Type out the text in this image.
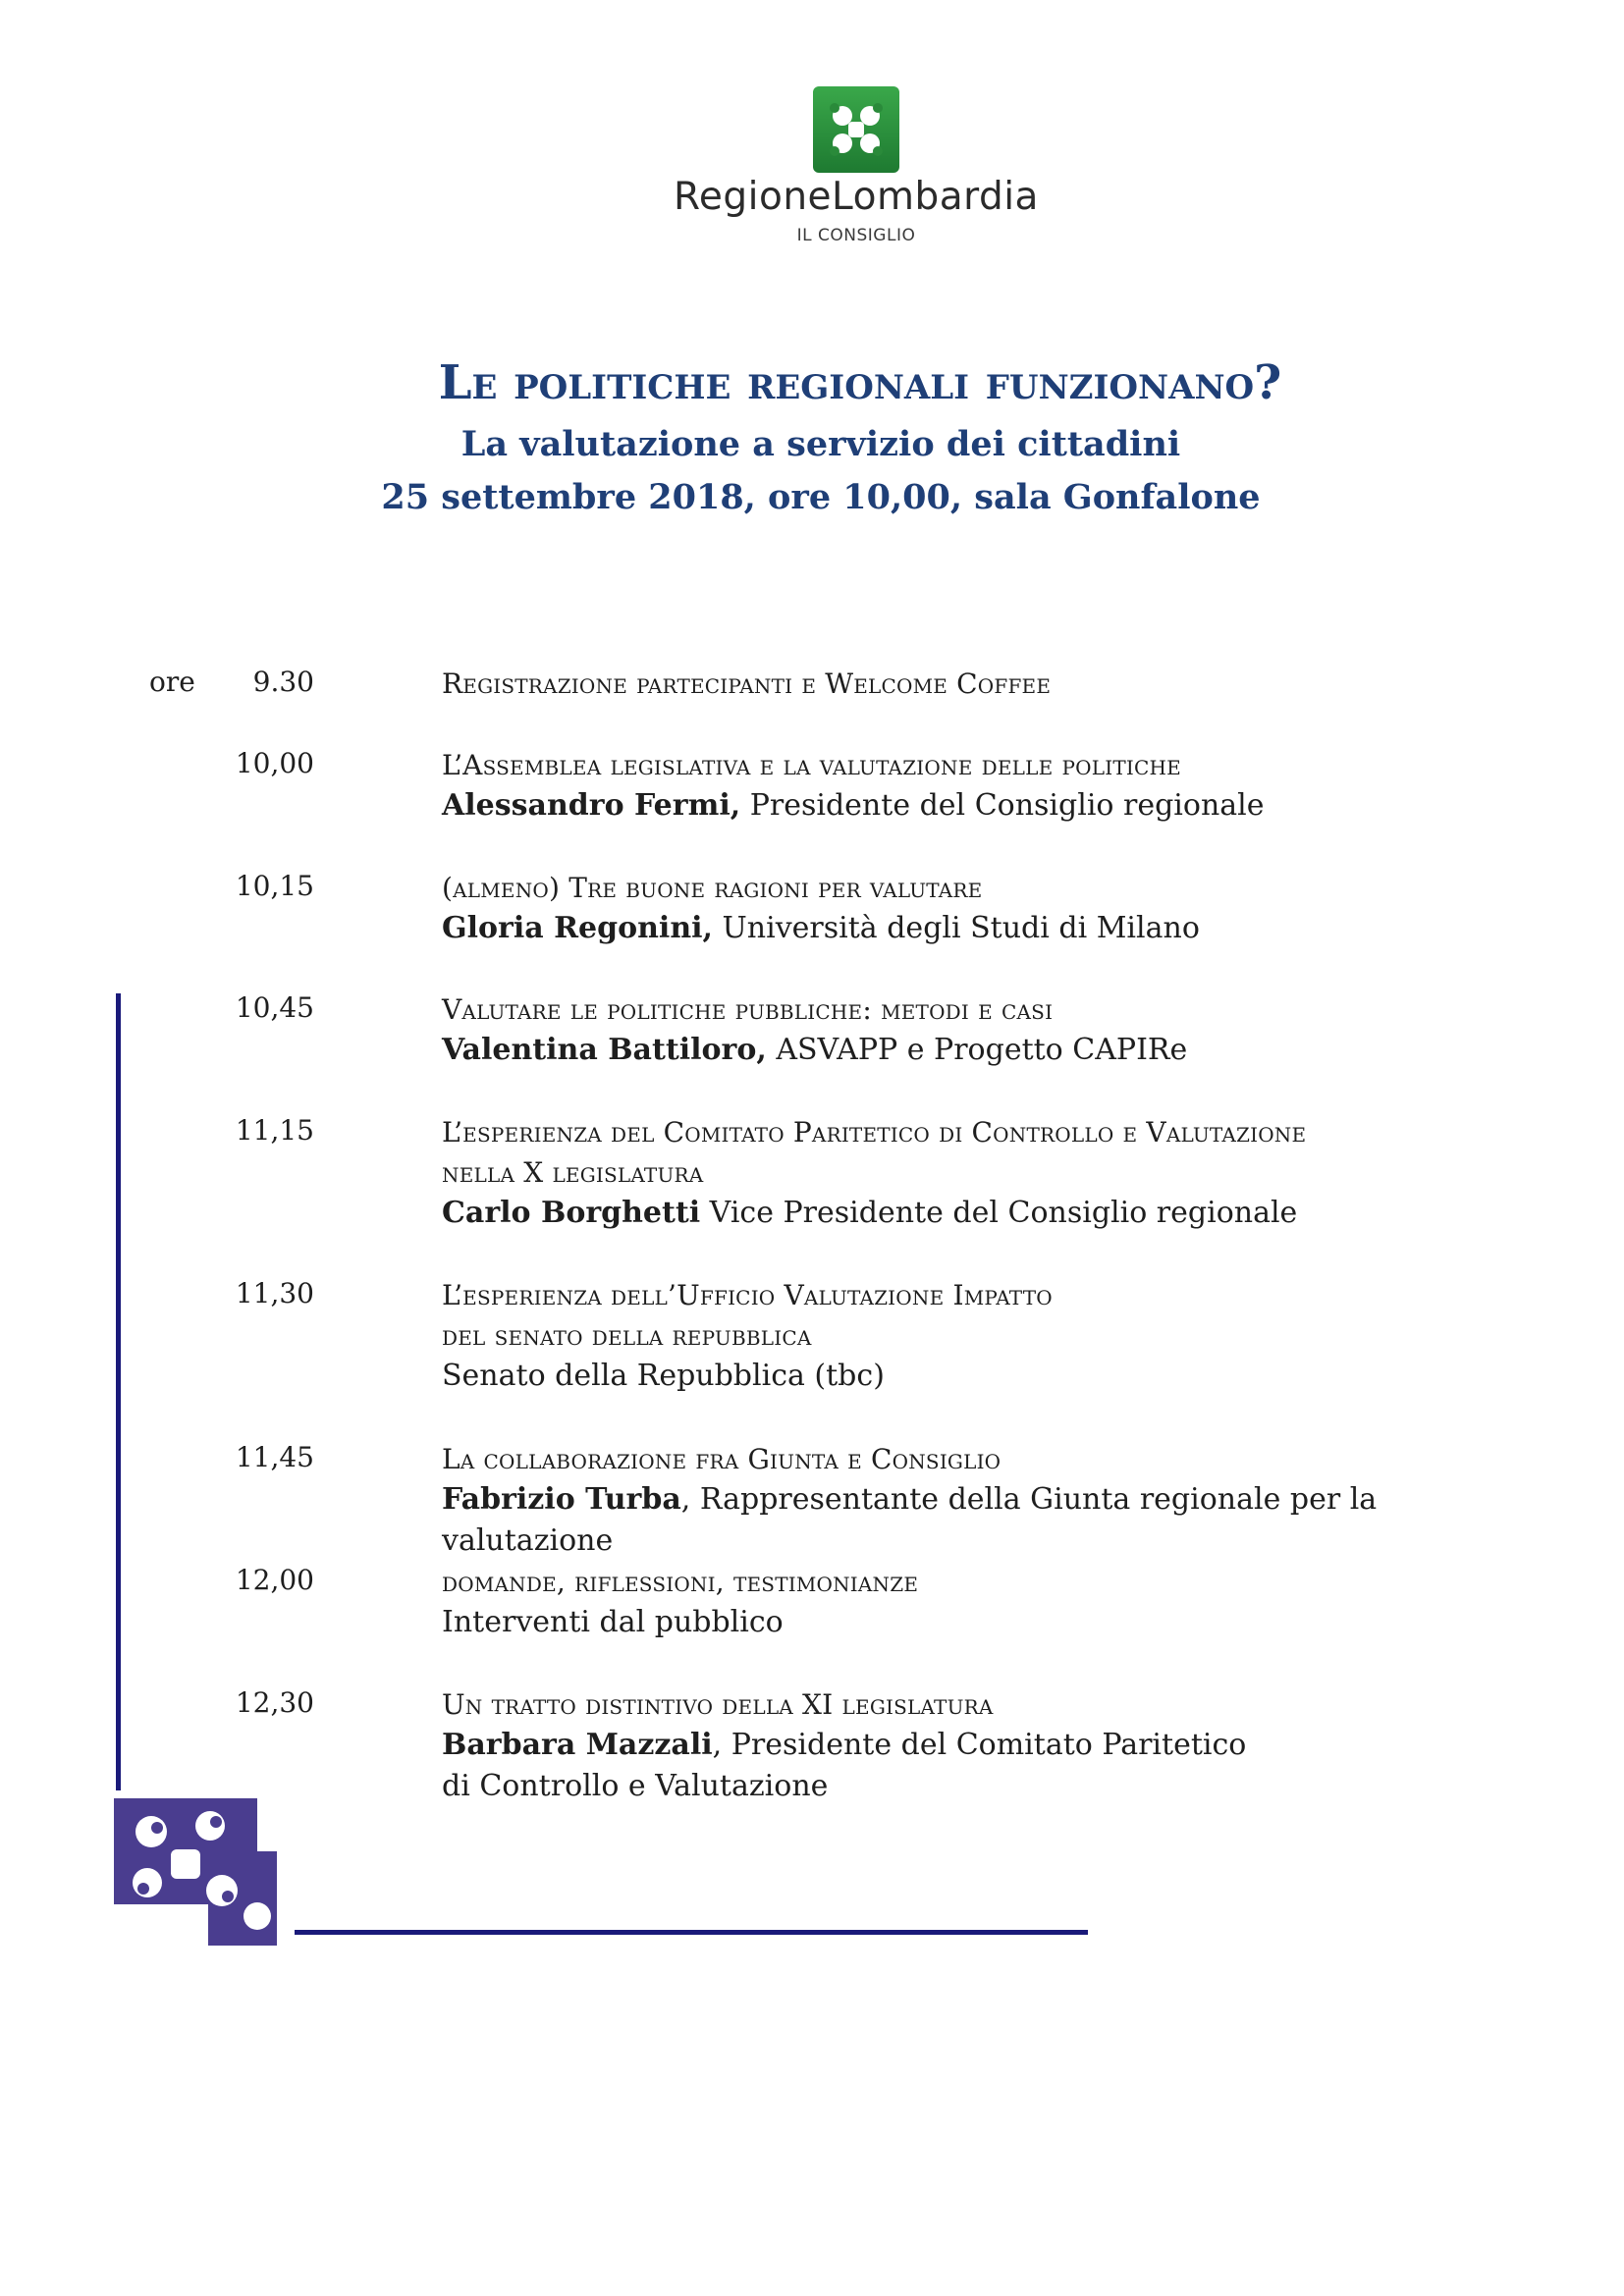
RegioneLombardia
IL CONSIGLIO
Le politiche regionali funzionano?
La valutazione a servizio dei cittadini
25 settembre 2018, ore 10,00, sala Gonfalone
ore	9.30	Registrazione partecipanti e Welcome Coffee
10,00	L’Assemblea legislativa e la valutazione delle politiche
Alessandro Fermi, Presidente del Consiglio regionale
10,15	(almeno) Tre buone ragioni per valutare
Gloria Regonini, Università degli Studi di Milano
10,45	Valutare le politiche pubbliche: metodi e casi
Valentina Battiloro, ASVAPP e Progetto CAPIRe
11,15	L’esperienza del Comitato Paritetico di Controllo e Valutazione
nella X legislatura
Carlo Borghetti Vice Presidente del Consiglio regionale
11,30	L’esperienza dell’Ufficio Valutazione Impatto
del senato della repubblica
Senato della Repubblica (tbc)
11,45	La collaborazione fra Giunta e Consiglio
Fabrizio Turba, Rappresentante della Giunta regionale per la valutazione
12,00	domande, riflessioni, testimonianze
Interventi dal pubblico
12,30	Un tratto distintivo della XI legislatura
Barbara Mazzali, Presidente del Comitato Paritetico
di Controllo e Valutazione
